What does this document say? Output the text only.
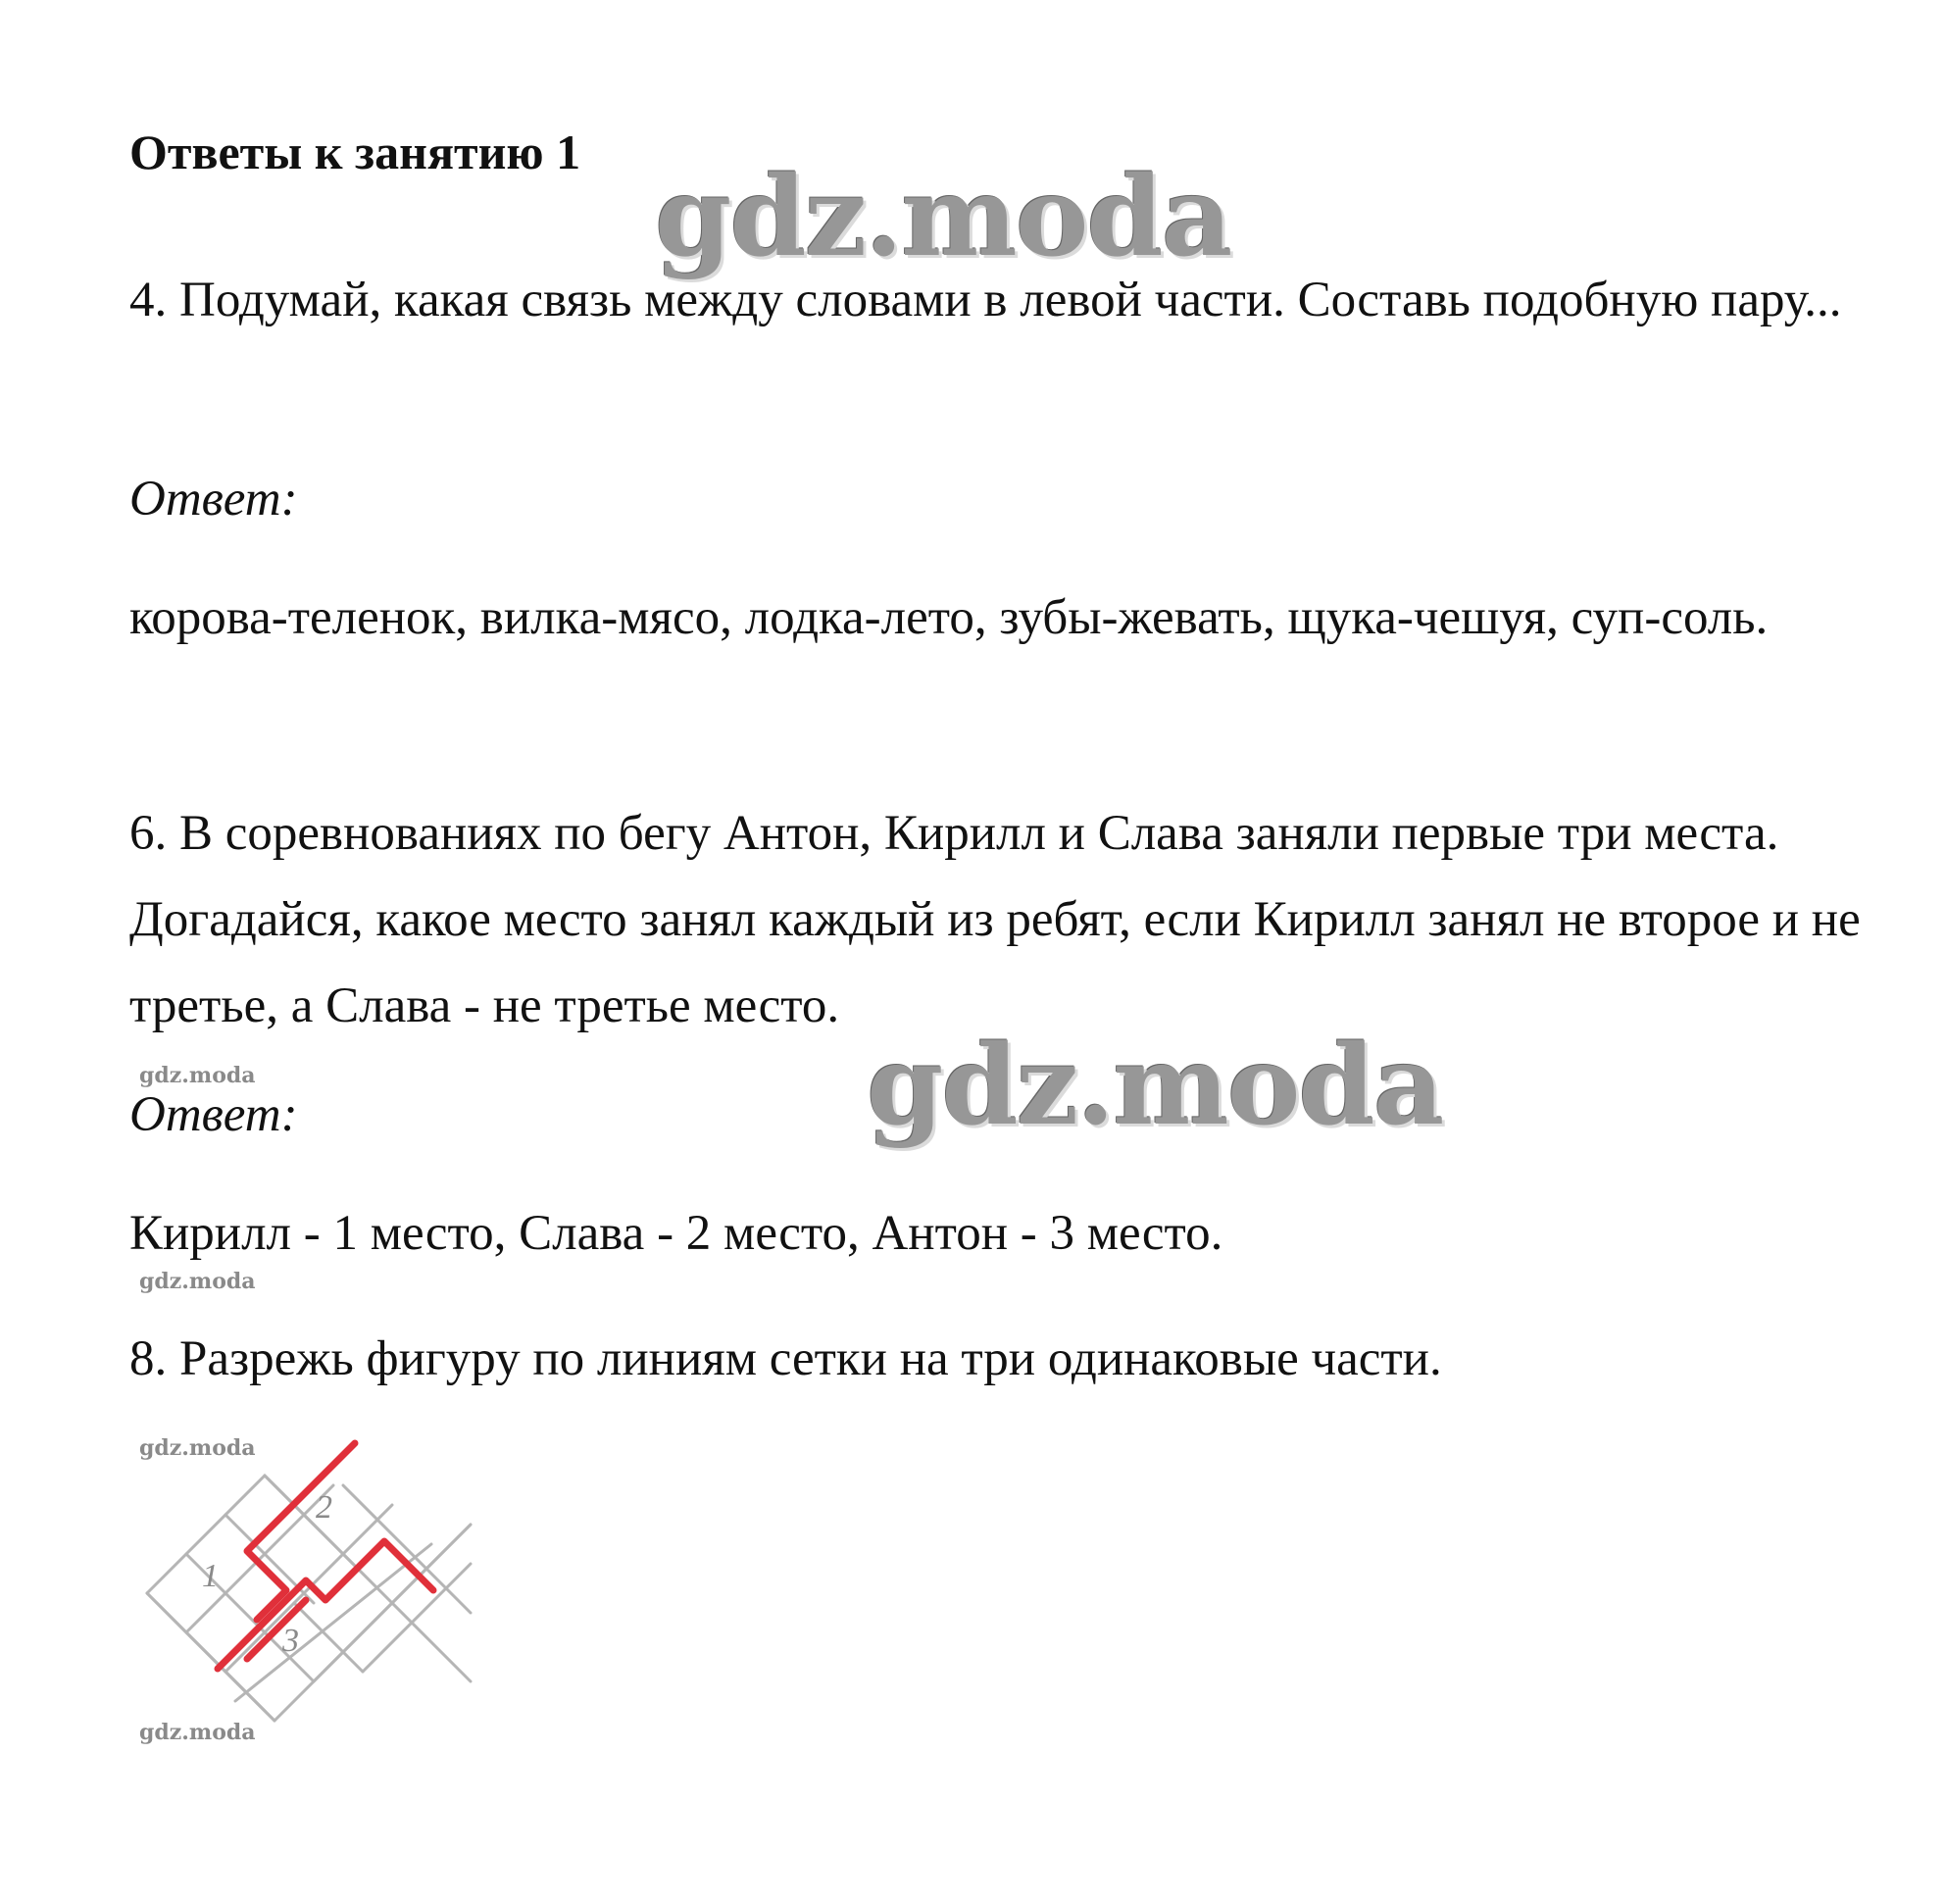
Ответы к занятию 1
gdz.moda

4. Подумай, какая связь между словами в левой части. Составь подобную пару...

Ответ:

корова-теленок, вилка-мясо, лодка-лето, зубы-жевать, щука-чешуя, суп-соль.

6. В соревнованиях по бегу Антон, Кирилл и Слава заняли первые три места. Догадайся, какое место занял каждый из ребят, если Кирилл занял не второе и не третье, а Слава - не третье место.

gdz.moda
Ответ:	gdz.moda

Кирилл - 1 место, Слава - 2 место, Антон - 3 место.

gdz.moda

8. Разрежь фигуру по линиям сетки на три одинаковые части.

gdz.moda
1
2
3
gdz.moda
